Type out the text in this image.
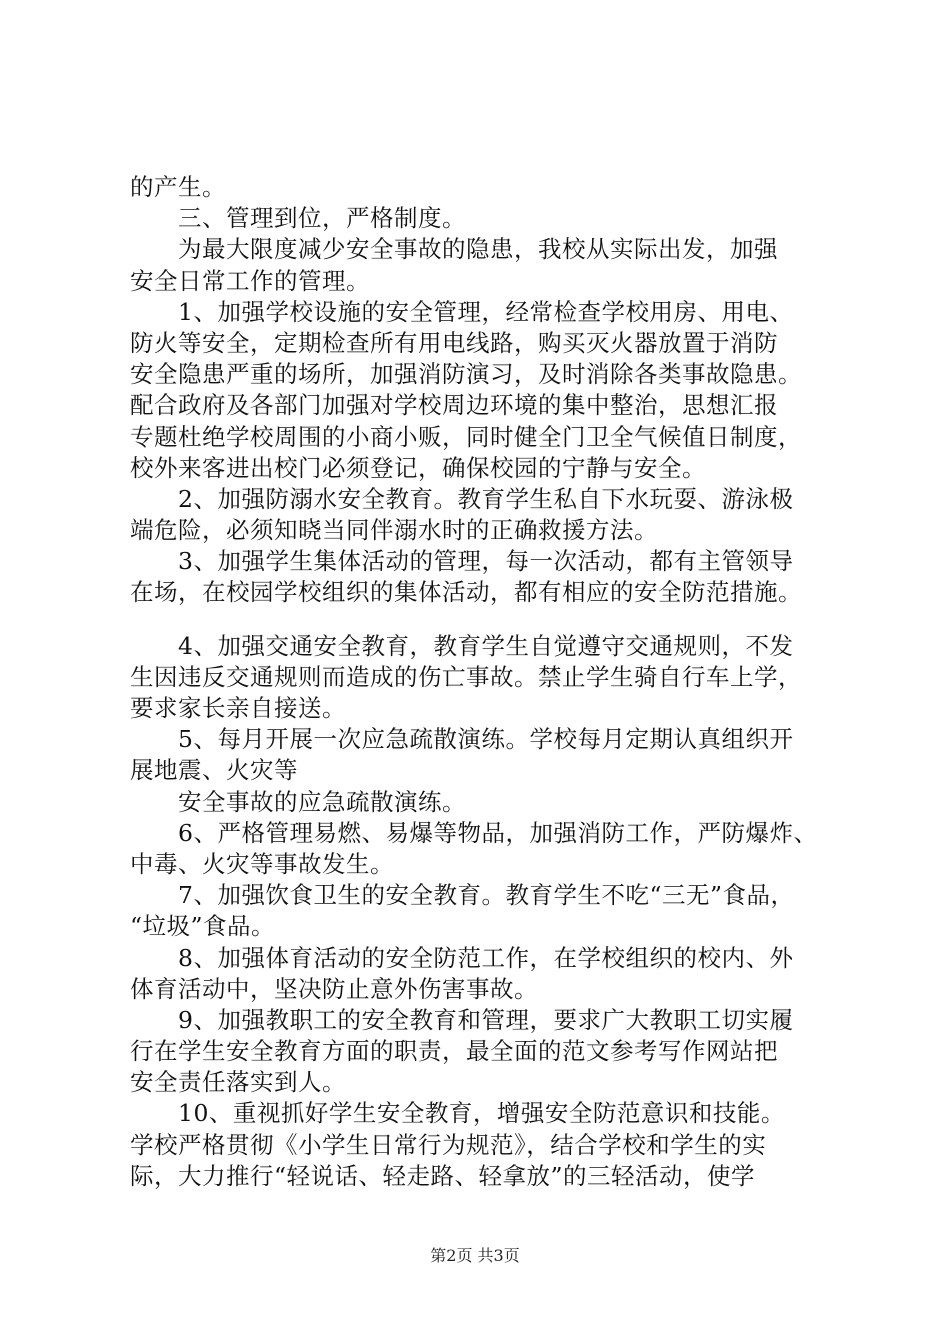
的产生。
三、管理到位，严格制度。
为最大限度减少安全事故的隐患，我校从实际出发，加强
安全日常工作的管理。
1、加强学校设施的安全管理，经常检查学校用房、用电、
防火等安全，定期检查所有用电线路，购买灭火器放置于消防
安全隐患严重的场所，加强消防演习，及时消除各类事故隐患。
配合政府及各部门加强对学校周边环境的集中整治，思想汇报
专题杜绝学校周围的小商小贩，同时健全门卫全气候值日制度，
校外来客进出校门必须登记，确保校园的宁静与安全。
2、加强防溺水安全教育。教育学生私自下水玩耍、游泳极
端危险，必须知晓当同伴溺水时的正确救援方法。
3、加强学生集体活动的管理，每一次活动，都有主管领导
在场，在校园学校组织的集体活动，都有相应的安全防范措施。
4、加强交通安全教育，教育学生自觉遵守交通规则，不发
生因违反交通规则而造成的伤亡事故。禁止学生骑自行车上学，
要求家长亲自接送。
5、每月开展一次应急疏散演练。学校每月定期认真组织开
展地震、火灾等
安全事故的应急疏散演练。
6、严格管理易燃、易爆等物品，加强消防工作，严防爆炸、
中毒、火灾等事故发生。
7、加强饮食卫生的安全教育。教育学生不吃“三无”食品，
“垃圾”食品。
8、加强体育活动的安全防范工作，在学校组织的校内、外
体育活动中，坚决防止意外伤害事故。
9、加强教职工的安全教育和管理，要求广大教职工切实履
行在学生安全教育方面的职责，最全面的范文参考写作网站把
安全责任落实到人。
10、重视抓好学生安全教育，增强安全防范意识和技能。
学校严格贯彻《小学生日常行为规范》，结合学校和学生的实
际，大力推行“轻说话、轻走路、轻拿放”的三轻活动，使学
第2页 共3页
